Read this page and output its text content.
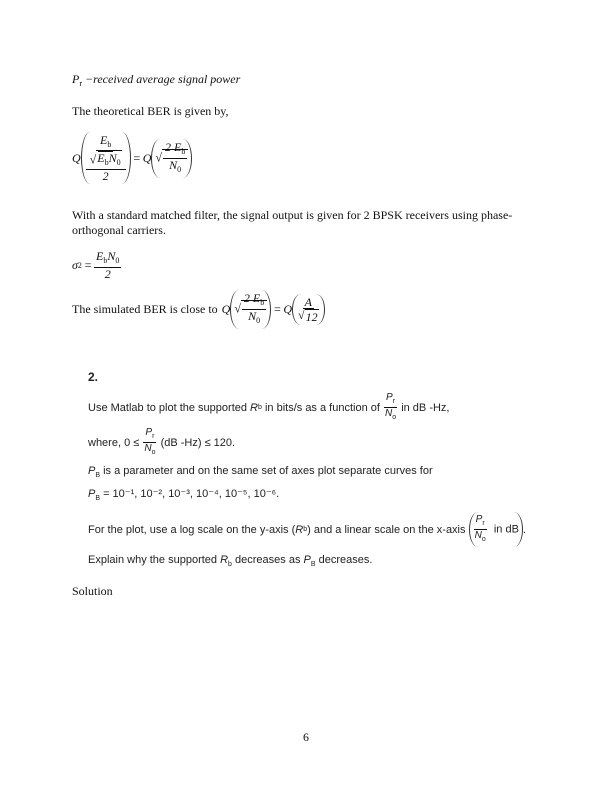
$P_r$ −received average signal power
The theoretical BER is given by,
Q $\frac{\frac{E_b}{√E_bN_0}}{2} = Q$ √ $\frac{2 E_b}{N_0}$
With a standard matched filter, the signal output is given for 2 BPSK receivers using phase-orthogonal carriers.
σ $2 = \frac{E_bN_0}{2}$
The simulated BER is close to Q √ $\frac{2 E_b}{N_0} = Q \frac{A}{√12}$
2.
Use Matlab to plot the supported
R b
in bits/s as a function of
$\frac{P_r}{N_o}$
in dB -Hz,
where, 0 ≤
$\frac{P_r}{N_o}$
(dB -Hz) ≤ 120.
$P_B$ is a parameter and on the same set of axes plot separate curves for
$P_B = 10^{-1}$, 10⁻², 10⁻³, 10⁻⁴, 10⁻⁵, 10⁻⁶.
For the plot, use a log scale on the y-axis ( R b ) and a linear scale on the x-axis
$\frac{P_r}{N_o}$ in dB .
Explain why the supported $R_b$ decreases as $P_B$ decreases.
Solution
6
